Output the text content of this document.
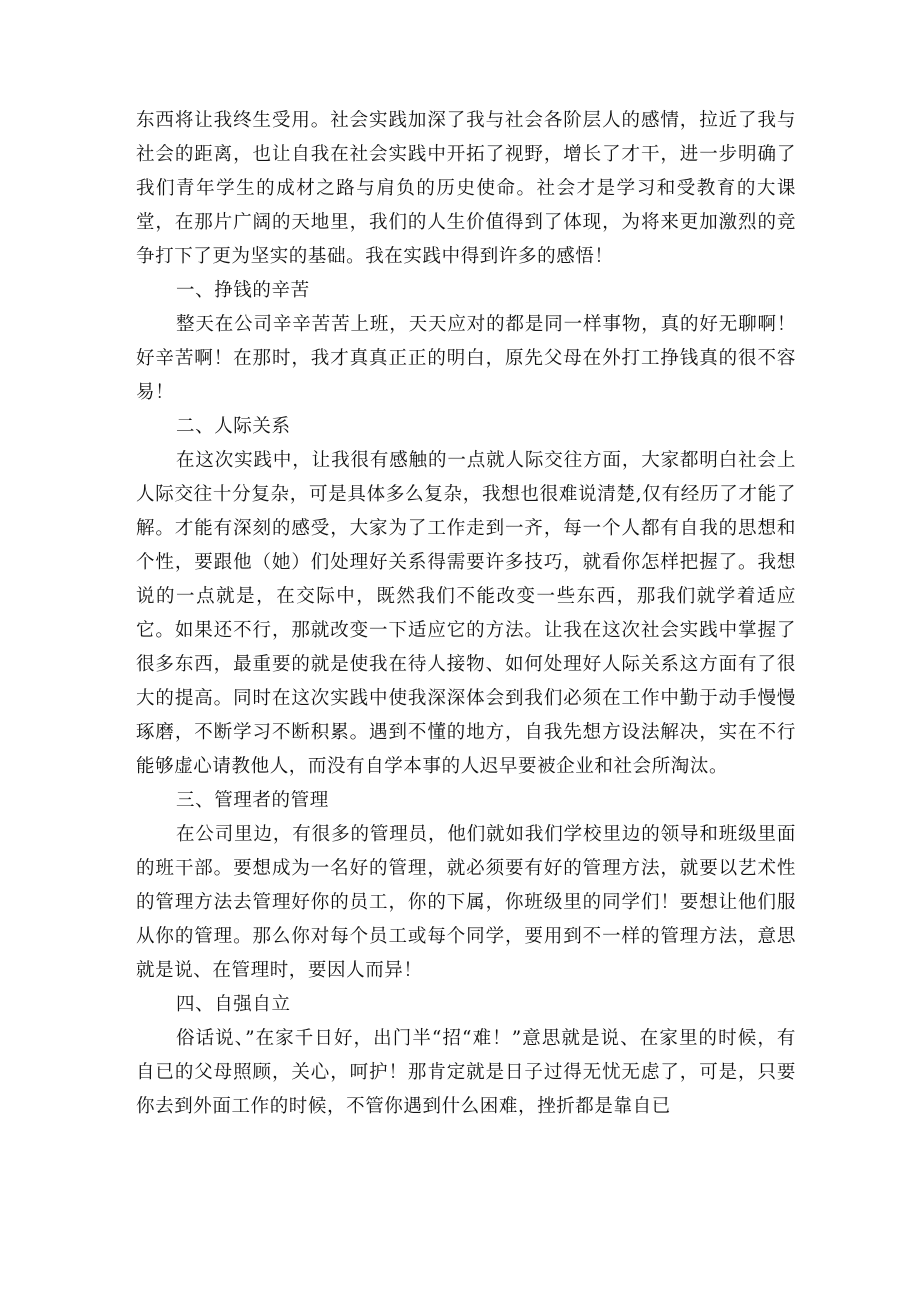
东西将让我终生受用。社会实践加深了我与社会各阶层人的感情，拉近了我与社会的距离，也让自我在社会实践中开拓了视野，增长了才干，进一步明确了我们青年学生的成材之路与肩负的历史使命。社会才是学习和受教育的大课堂，在那片广阔的天地里，我们的人生价值得到了体现，为将来更加激烈的竞争打下了更为坚实的基础。我在实践中得到许多的感悟！

一、挣钱的辛苦

整天在公司辛辛苦苦上班，天天应对的都是同一样事物，真的好无聊啊！好辛苦啊！在那时，我才真真正正的明白，原先父母在外打工挣钱真的很不容易！

二、人际关系

在这次实践中，让我很有感触的一点就人际交往方面，大家都明白社会上人际交往十分复杂，可是具体多么复杂，我想也很难说清楚,仅有经历了才能了解。才能有深刻的感受，大家为了工作走到一齐，每一个人都有自我的思想和个性，要跟他（她）们处理好关系得需要许多技巧，就看你怎样把握了。我想说的一点就是，在交际中，既然我们不能改变一些东西，那我们就学着适应它。如果还不行，那就改变一下适应它的方法。让我在这次社会实践中掌握了很多东西，最重要的就是使我在待人接物、如何处理好人际关系这方面有了很大的提高。同时在这次实践中使我深深体会到我们必须在工作中勤于动手慢慢琢磨，不断学习不断积累。遇到不懂的地方，自我先想方设法解决，实在不行能够虚心请教他人，而没有自学本事的人迟早要被企业和社会所淘汰。

三、管理者的管理

在公司里边，有很多的管理员，他们就如我们学校里边的领导和班级里面的班干部。要想成为一名好的管理，就必须要有好的管理方法，就要以艺术性的管理方法去管理好你的员工，你的下属，你班级里的同学们！要想让他们服从你的管理。那么你对每个员工或每个同学，要用到不一样的管理方法，意思就是说、在管理时，要因人而异！

四、自强自立

俗话说、”在家千日好，出门半“招“难！”意思就是说、在家里的时候，有自已的父母照顾，关心，呵护！那肯定就是日子过得无忧无虑了，可是，只要你去到外面工作的时候，不管你遇到什么困难，挫折都是靠自已
